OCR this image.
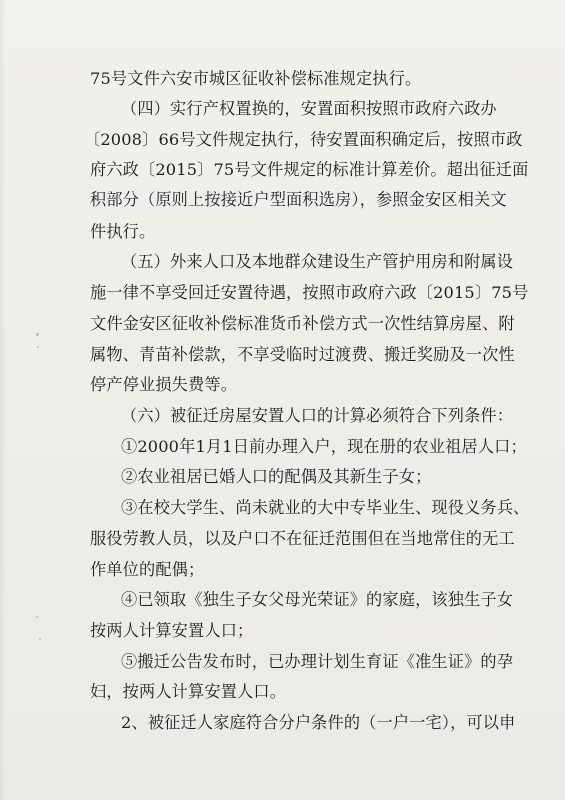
75号文件六安市城区征收补偿标准规定执行。
（四）实行产权置换的，安置面积按照市政府六政办
〔2008〕66号文件规定执行，待安置面积确定后，按照市政
府六政〔2015〕75号文件规定的标准计算差价。超出征迁面
积部分（原则上按接近户型面积选房），参照金安区相关文
件执行。
（五）外来人口及本地群众建设生产管护用房和附属设
施一律不享受回迁安置待遇，按照市政府六政〔2015〕75号
文件金安区征收补偿标准货币补偿方式一次性结算房屋、附
属物、青苗补偿款，不享受临时过渡费、搬迁奖励及一次性
停产停业损失费等。
（六）被征迁房屋安置人口的计算必须符合下列条件：
①2000年1月1日前办理入户，现在册的农业祖居人口；
②农业祖居已婚人口的配偶及其新生子女；
③在校大学生、尚未就业的大中专毕业生、现役义务兵、
服役劳教人员，以及户口不在征迁范围但在当地常住的无工
作单位的配偶；
④已领取《独生子女父母光荣证》的家庭，该独生子女
按两人计算安置人口；
⑤搬迁公告发布时，已办理计划生育证《准生证》的孕
妇，按两人计算安置人口。
2、被征迁人家庭符合分户条件的（一户一宅），可以申
